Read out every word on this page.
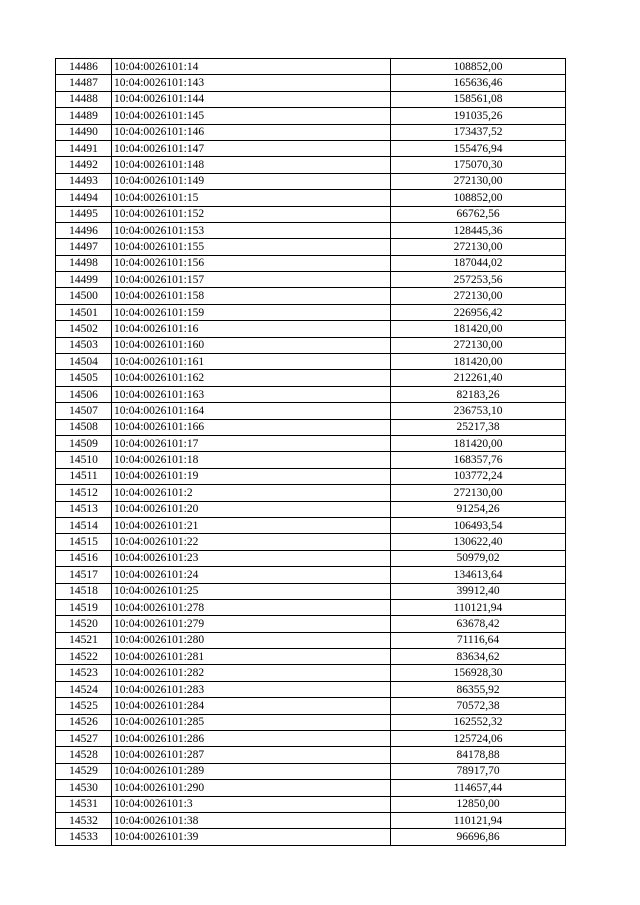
14486	10:04:0026101:14	108852,00
14487	10:04:0026101:143	165636,46
14488	10:04:0026101:144	158561,08
14489	10:04:0026101:145	191035,26
14490	10:04:0026101:146	173437,52
14491	10:04:0026101:147	155476,94
14492	10:04:0026101:148	175070,30
14493	10:04:0026101:149	272130,00
14494	10:04:0026101:15	108852,00
14495	10:04:0026101:152	66762,56
14496	10:04:0026101:153	128445,36
14497	10:04:0026101:155	272130,00
14498	10:04:0026101:156	187044,02
14499	10:04:0026101:157	257253,56
14500	10:04:0026101:158	272130,00
14501	10:04:0026101:159	226956,42
14502	10:04:0026101:16	181420,00
14503	10:04:0026101:160	272130,00
14504	10:04:0026101:161	181420,00
14505	10:04:0026101:162	212261,40
14506	10:04:0026101:163	82183,26
14507	10:04:0026101:164	236753,10
14508	10:04:0026101:166	25217,38
14509	10:04:0026101:17	181420,00
14510	10:04:0026101:18	168357,76
14511	10:04:0026101:19	103772,24
14512	10:04:0026101:2	272130,00
14513	10:04:0026101:20	91254,26
14514	10:04:0026101:21	106493,54
14515	10:04:0026101:22	130622,40
14516	10:04:0026101:23	50979,02
14517	10:04:0026101:24	134613,64
14518	10:04:0026101:25	39912,40
14519	10:04:0026101:278	110121,94
14520	10:04:0026101:279	63678,42
14521	10:04:0026101:280	71116,64
14522	10:04:0026101:281	83634,62
14523	10:04:0026101:282	156928,30
14524	10:04:0026101:283	86355,92
14525	10:04:0026101:284	70572,38
14526	10:04:0026101:285	162552,32
14527	10:04:0026101:286	125724,06
14528	10:04:0026101:287	84178,88
14529	10:04:0026101:289	78917,70
14530	10:04:0026101:290	114657,44
14531	10:04:0026101:3	12850,00
14532	10:04:0026101:38	110121,94
14533	10:04:0026101:39	96696,86
